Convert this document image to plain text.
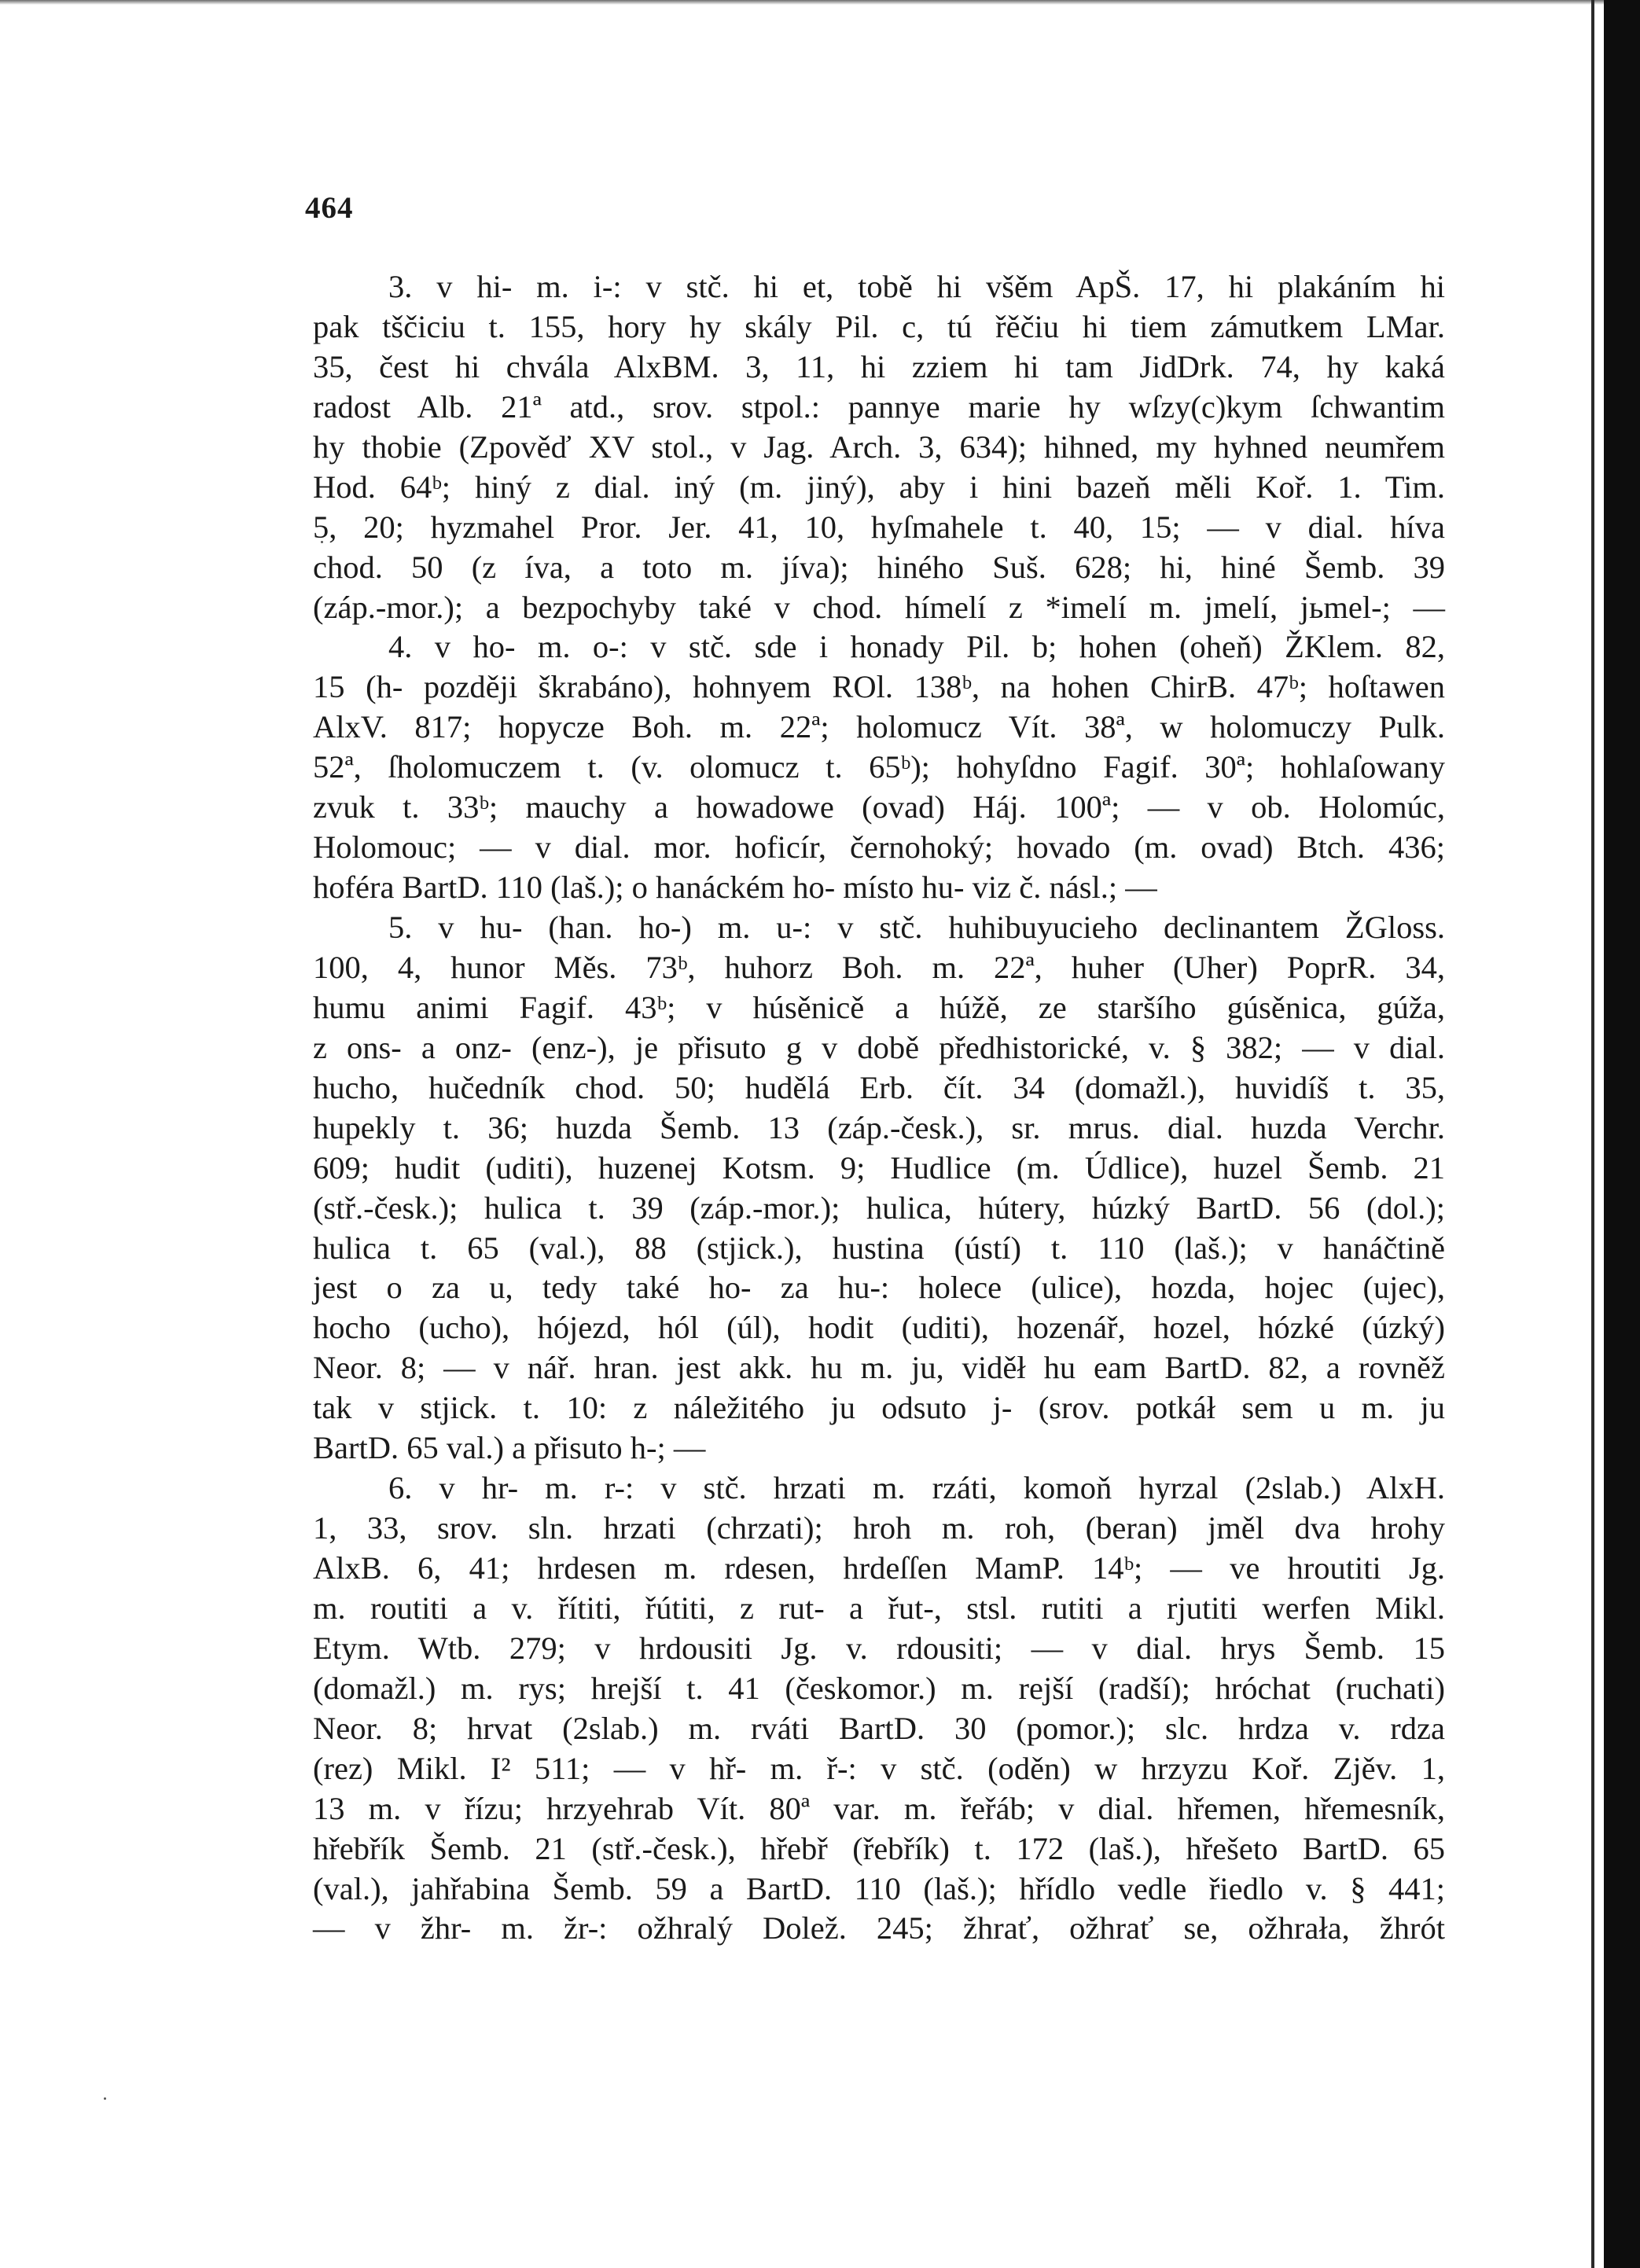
464
3. v hi- m. i-: v stč. hi et, tobě hi všěm ApŠ. 17, hi plakáním hi
pak tščiciu t. 155, hory hy skály Pil. c, tú řěčiu hi tiem zámutkem LMar.
35, čest hi chvála AlxBM. 3, 11, hi zziem hi tam JidDrk. 74, hy kaká
radost Alb. 21ª atd., srov. stpol.: pannye marie hy wſzy(c)kym ſchwantim
hy thobie (Zpověď XV stol., v Jag. Arch. 3, 634); hihned, my hyhned neumřem
Hod. 64ᵇ; hiný z dial. iný (m. jiný), aby i hini bazeň měli Koř. 1. Tim.
5, 20; hyzmahel Pror. Jer. 41, 10, hyſmahele t. 40, 15; — v dial. híva
chod. 50 (z íva, a toto m. jíva); hiného Suš. 628; hi, hiné Šemb. 39
(záp.-mor.); a bezpochyby také v chod. hímelí z *imelí m. jmelí, jьmel-; —
4. v ho- m. o-: v stč. sde i honady Pil. b; hohen (oheň) ŽKlem. 82,
15 (h- později škrabáno), hohnyem ROl. 138ᵇ, na hohen ChirB. 47ᵇ; hoſtawen
AlxV. 817; hopycze Boh. m. 22ª; holomucz Vít. 38ª, w holomuczy Pulk.
52ª, ſholomuczem t. (v. olomucz t. 65ᵇ); hohyſdno Fagif. 30ª; hohlaſowany
zvuk t. 33ᵇ; mauchy a howadowe (ovad) Háj. 100ª; — v ob. Holomúc,
Holomouc; — v dial. mor. hoficír, černohoký; hovado (m. ovad) Btch. 436;
hoféra BartD. 110 (laš.); o hanáckém ho- místo hu- viz č. násl.; —
5. v hu- (han. ho-) m. u-: v stč. huhibuyucieho declinantem ŽGloss.
100, 4, hunor Měs. 73ᵇ, huhorz Boh. m. 22ª, huher (Uher) PoprR. 34,
humu animi Fagif. 43ᵇ; v húsěnicě a húžě, ze staršího gúsěnica, gúža,
z ons- a onz- (enz-), je přisuto g v době předhistorické, v. § 382; — v dial.
hucho, hučedník chod. 50; hudělá Erb. čít. 34 (domažl.), huvidíš t. 35,
hupekly t. 36; huzda Šemb. 13 (záp.-česk.), sr. mrus. dial. huzda Verchr.
609; hudit (uditi), huzenej Kotsm. 9; Hudlice (m. Údlice), huzel Šemb. 21
(stř.-česk.); hulica t. 39 (záp.-mor.); hulica, hútery, húzký BartD. 56 (dol.);
hulica t. 65 (val.), 88 (stjick.), hustina (ústí) t. 110 (laš.); v hanáčtině
jest o za u, tedy také ho- za hu-: holece (ulice), hozda, hojec (ujec),
hocho (ucho), hójezd, hól (úl), hodit (uditi), hozenář, hozel, hózké (úzký)
Neor. 8; — v nář. hran. jest akk. hu m. ju, viděł hu eam BartD. 82, a rovněž
tak v stjick. t. 10: z náležitého ju odsuto j- (srov. potkáł sem u m. ju
BartD. 65 val.) a přisuto h-; —
6. v hr- m. r-: v stč. hrzati m. rzáti, komoň hyrzal (2slab.) AlxH.
1, 33, srov. sln. hrzati (chrzati); hroh m. roh, (beran) jměl dva hrohy
AlxB. 6, 41; hrdesen m. rdesen, hrdeſſen MamP. 14ᵇ; — ve hroutiti Jg.
m. routiti a v. řítiti, řútiti, z rut- a řut-, stsl. rutiti a rjutiti werfen Mikl.
Etym. Wtb. 279; v hrdousiti Jg. v. rdousiti; — v dial. hrys Šemb. 15
(domažl.) m. rys; hrejší t. 41 (českomor.) m. rejší (radší); hróchat (ruchati)
Neor. 8; hrvat (2slab.) m. rváti BartD. 30 (pomor.); slc. hrdza v. rdza
(rez) Mikl. I² 511; — v hř- m. ř-: v stč. (oděn) w hrzyzu Koř. Zjěv. 1,
13 m. v řízu; hrzyehrab Vít. 80ª var. m. řeřáb; v dial. hřemen, hřemesník,
hřebřík Šemb. 21 (stř.-česk.), hřebř (řebřík) t. 172 (laš.), hřešeto BartD. 65
(val.), jahřabina Šemb. 59 a BartD. 110 (laš.); hřídlo vedle řiedlo v. § 441;
— v žhr- m. žr-: ožhralý Dolež. 245; žhrať, ožhrať se, ožhrała, žhrót
